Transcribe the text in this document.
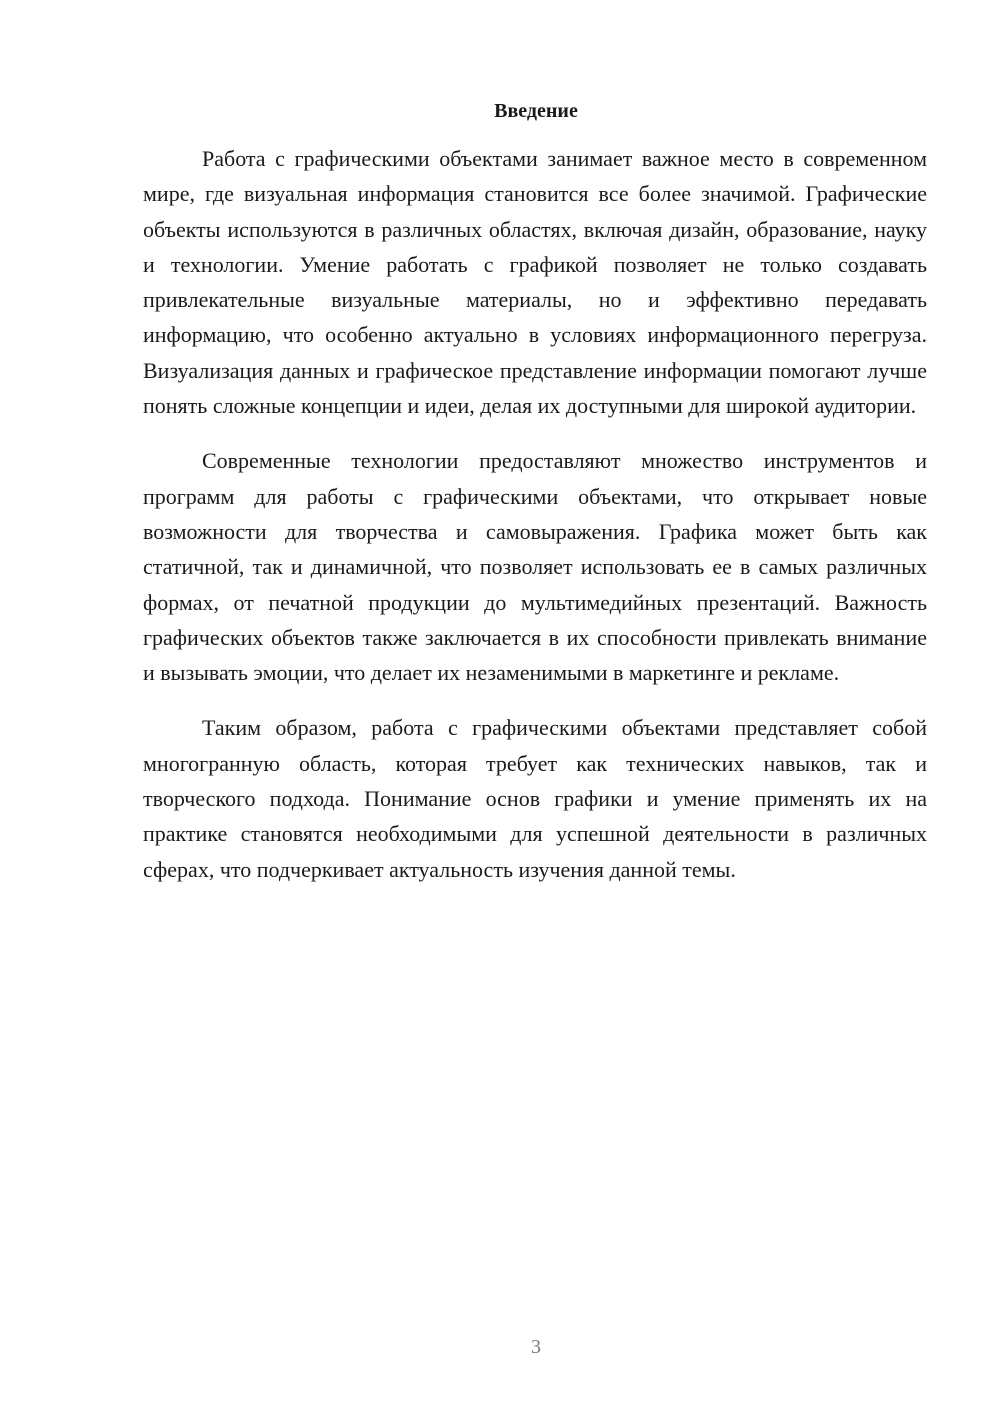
Введение

Работа с графическими объектами занимает важное место в современном мире, где визуальная информация становится все более значимой. Графические объекты используются в различных областях, включая дизайн, образование, науку и технологии. Умение работать с графикой позволяет не только создавать привлекательные визуальные материалы, но и эффективно передавать информацию, что особенно актуально в условиях информационного перегруза. Визуализация данных и графическое представление информации помогают лучше понять сложные концепции и идеи, делая их доступными для широкой аудитории.

Современные технологии предоставляют множество инструментов и программ для работы с графическими объектами, что открывает новые возможности для творчества и самовыражения. Графика может быть как статичной, так и динамичной, что позволяет использовать ее в самых различных формах, от печатной продукции до мультимедийных презентаций. Важность графических объектов также заключается в их способности привлекать внимание и вызывать эмоции, что делает их незаменимыми в маркетинге и рекламе.

Таким образом, работа с графическими объектами представляет собой многогранную область, которая требует как технических навыков, так и творческого подхода. Понимание основ графики и умение применять их на практике становятся необходимыми для успешной деятельности в различных сферах, что подчеркивает актуальность изучения данной темы.

3
